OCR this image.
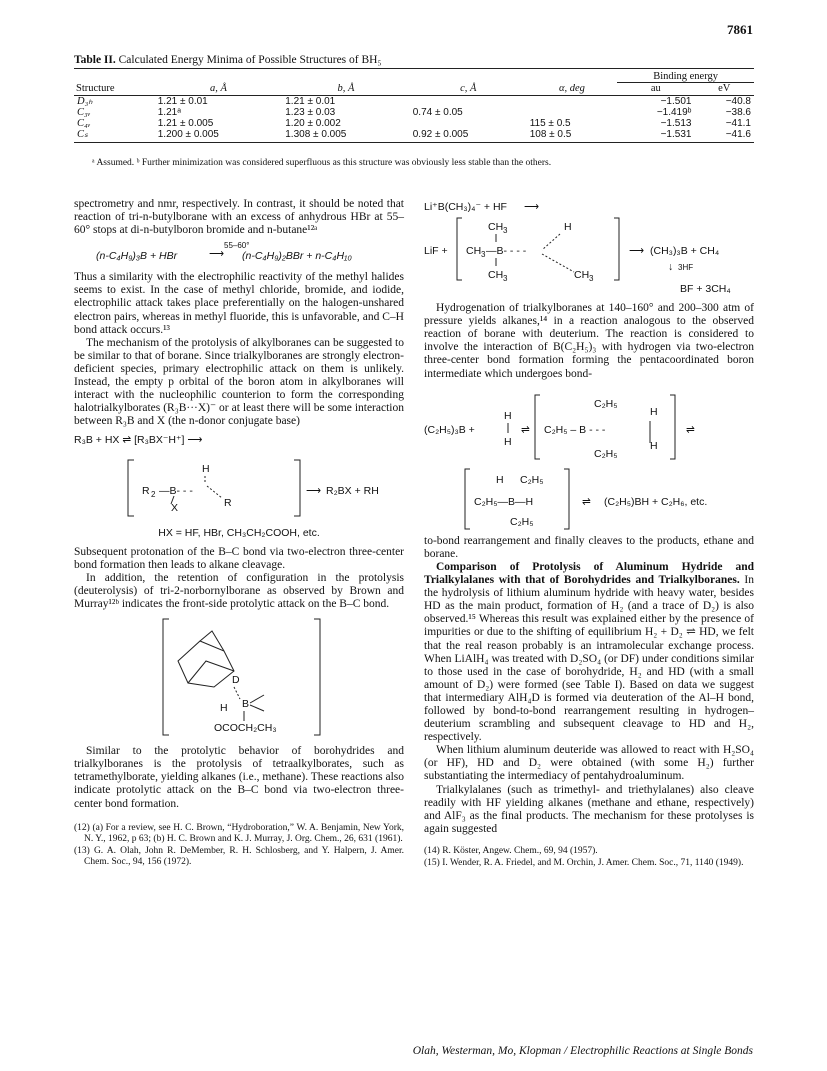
7861
Table II. Calculated Energy Minima of Possible Structures of BH₅
					Binding energy	
Structure	a, Å	b, Å	c, Å	α, deg	au	eV
D₃ₕ	1.21 ± 0.01	1.21 ± 0.01			−1.501	−40.8
C₃ᵥ	1.21ᵃ	1.23 ± 0.03	0.74 ± 0.05		−1.419ᵇ	−38.6
C₄ᵥ	1.21 ± 0.005	1.20 ± 0.002		115 ± 0.5	−1.513	−41.1
Cₛ	1.200 ± 0.005	1.308 ± 0.005	0.92 ± 0.005	108 ± 0.5	−1.531	−41.6
ᵃ Assumed. ᵇ Further minimization was considered superfluous as this structure was obviously less stable than the others.

spectrometry and nmr, respectively. In contrast, it should be noted that reaction of tri-n-butylborane with an excess of anhydrous HBr at 55–60° stops at di-n-butylboron bromide and n-butane¹²ᵃ

55–60°
(n-C₄H₉)₃B + HBr	⟶ (n-C₄H₉)₂BBr + n-C₄H₁₀

Thus a similarity with the electrophilic reactivity of the methyl halides seems to exist. In the case of methyl chloride, bromide, and iodide, electrophilic attack takes place preferentially on the halogen-unshared electron pairs, whereas in methyl fluoride, this is unfavorable, and C–H bond attack occurs.¹³

The mechanism of the protolysis of alkylboranes can be suggested to be similar to that of borane. Since trialkylboranes are strongly electron-deficient species, primary electrophilic attack on them is unlikely. Instead, the empty p orbital of the boron atom in alkylboranes will interact with the nucleophilic counterion to form the corresponding halotrialkylborates (R₃B···X)⁻ or at least there will be some interaction between R₃B and X (the n-donor conjugate base)

R₃B + HX ⇌ [R₃BX⁻H⁺] ⟶
H
R 2 —B- - -
X	R
⟶ R₂BX + RH
HX = HF, HBr, CH₃CH₂COOH, etc.

Subsequent protonation of the B–C bond via two-electron three-center bond formation then leads to alkane cleavage.

In addition, the retention of configuration in the protolysis (deuterolysis) of tri-2-norbornylborane as observed by Brown and Murray¹²ᵇ indicates the front-side protolytic attack on the B–C bond.

D
H B
OCOCH₂CH₃

Similar to the protolytic behavior of borohydrides and trialkylboranes is the protolysis of tetraalkylborates, such as tetramethylborate, yielding alkanes (i.e., methane). These reactions also indicate protolytic attack on the B–C bond via two-electron three-center bond formation.

(12) (a) For a review, see H. C. Brown, “Hydroboration,” W. A. Benjamin, New York, N. Y., 1962, p 63; (b) H. C. Brown and K. J. Murray, J. Org. Chem., 26, 631 (1961).

(13) G. A. Olah, John R. DeMember, R. H. Schlosberg, and Y. Halpern, J. Amer. Chem. Soc., 94, 156 (1972).

Li⁺B(CH₃)₄⁻ + HF ⟶
LiF +
CH 3
CH 3 —B- - - -
CH 3
H
CH 3
⟶ (CH₃)₃B + CH₄
↓ 3HF
BF + 3CH₄

Hydrogenation of trialkylboranes at 140–160° and 200–300 atm of pressure yields alkanes,¹⁴ in a reaction analogous to the observed reaction of borane with deuterium. The reaction is considered to involve the interaction of B(C₂H₅)₃ with hydrogen via two-electron three-center bond formation forming the pentacoordinated boron intermediate which undergoes bond-

(C₂H₅)₃B +
H
H
⇌
C₂H₅
C₂H₅ – B - - -
C₂H₅
H
H
⇌
H C₂H₅
C₂H₅—B—H
C₂H₅
⇌ (C₂H₅)BH + C₂H₆, etc.

to-bond rearrangement and finally cleaves to the products, ethane and borane.

Comparison of Protolysis of Aluminum Hydride and Trialkylalanes with that of Borohydrides and Trialkylboranes. In the hydrolysis of lithium aluminum hydride with heavy water, besides HD as the main product, formation of H₂ (and a trace of D₂) is also observed.¹⁵ Whereas this result was explained either by the presence of impurities or due to the shifting of equilibrium H₂ + D₂ ⇌ HD, we felt that the real reason probably is an intramolecular exchange process. When LiAlH₄ was treated with D₂SO₄ (or DF) under conditions similar to those used in the case of borohydride, H₂ and HD (with a small amount of D₂) were formed (see Table I). Based on data we suggest that intermediary AlH₄D is formed via deuteration of the Al–H bond, followed by bond-to-bond rearrangement resulting in hydrogen–deuterium scrambling and subsequent cleavage to HD and H₂, respectively.

When lithium aluminum deuteride was allowed to react with H₂SO₄ (or HF), HD and D₂ were obtained (with some H₂) further substantiating the intermediacy of pentahydroaluminum.

Trialkylalanes (such as trimethyl- and triethylalanes) also cleave readily with HF yielding alkanes (methane and ethane, respectively) and AlF₃ as the final products. The mechanism for these protolyses is again suggested

(14) R. Köster, Angew. Chem., 69, 94 (1957).

(15) I. Wender, R. A. Friedel, and M. Orchin, J. Amer. Chem. Soc., 71, 1140 (1949).

Olah, Westerman, Mo, Klopman / Electrophilic Reactions at Single Bonds
